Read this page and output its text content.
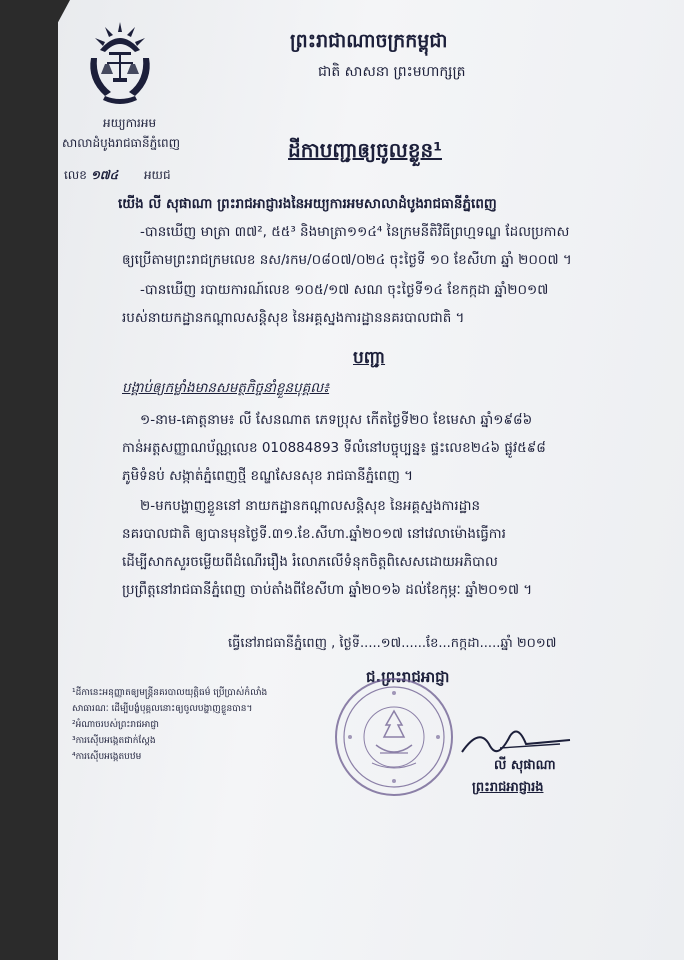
ព្រះរាជាណាចក្រកម្ពុជា
ជាតិ សាសនា ព្រះមហាក្សត្រ
អយ្យការអម
សាលាដំបូងរាជធានីភ្នំពេញ
លេខ ១៧៤ អយជ
ដីកាបញ្ជាឲ្យចូលខ្លួន¹
យើង លី សុផាណា ព្រះរាជអាជ្ញារងនៃអយ្យការអមសាលាដំបូងរាជធានីភ្នំពេញ
-បានឃើញ មាត្រា ៣៧², ៥៥³ និងមាត្រា១១៤⁴ នៃក្រមនីតិវិធីព្រហ្មទណ្ឌ ដែលប្រកាស
ឲ្យប្រើតាមព្រះរាជក្រមលេខ នស/រកម/០៨០៧/០២៤ ចុះថ្ងៃទី ១០ ខែសីហា ឆ្នាំ ២០០៧ ។
-បានឃើញ របាយការណ៍លេខ ១០៥/១៧ សណ ចុះថ្ងៃទី១៤ ខែកក្កដា ឆ្នាំ២០១៧
របស់នាយកដ្ឋានកណ្តាលសន្តិសុខ នៃអគ្គស្នងការដ្ឋាននគរបាលជាតិ ។
បញ្ជា
បង្គាប់ឲ្យកម្លាំងមានសមត្ថកិច្ចនាំខ្លួនបុគ្គល៖
១-នាម-គោត្តនាម៖ លី សែនណាត ភេទប្រុស កើតថ្ងៃទី២០ ខែមេសា ឆ្នាំ១៩៨៦
កាន់អត្តសញ្ញាណប័ណ្ណលេខ 010884893 ទីលំនៅបច្ចុប្បន្ន៖ ផ្ទះលេខ២៤៦ ផ្លូវ៥៩៨
ភូមិទំនប់ សង្កាត់ភ្នំពេញថ្មី ខណ្ឌសែនសុខ រាជធានីភ្នំពេញ ។
២-មកបង្ហាញខ្លួននៅ នាយកដ្ឋានកណ្តាលសន្តិសុខ នៃអគ្គស្នងការដ្ឋាន
នគរបាលជាតិ ឲ្យបានមុនថ្ងៃទី.៣១.ខែ.សីហា.ឆ្នាំ២០១៧ នៅវេលាម៉ោងធ្វើការ
ដើម្បីសាកសួរចម្លើយពីដំណើររឿង រំលោភលើទំនុកចិត្តពិសេសដោយអភិបាល
ប្រព្រឹត្តនៅរាជធានីភ្នំពេញ ចាប់តាំងពីខែសីហា ឆ្នាំ២០១៦ ដល់ខែកុម្ភៈ ឆ្នាំ២០១៧ ។
ធ្វើនៅរាជធានីភ្នំពេញ , ថ្ងៃទី.....១៧......ខែ...កក្កដា.....ឆ្នាំ ២០១៧
ជ.ព្រះរាជអាជ្ញា
លី សុផាណា
ព្រះរាជអាជ្ញារង
¹ដីកានេះអនុញ្ញាតឲ្យមន្រ្តីនគរបាលយុត្តិធម៌ ប្រើប្រាស់កំលាំង
សាធារណៈ ដើម្បីបង្ខំបុគ្គលនោះឲ្យចូលបង្ហាញខ្លួនបាន។
²អំណាចរបស់ព្រះរាជអាជ្ញា
³ការស៊ើបអង្កេតជាក់ស្តែង
⁴ការស៊ើបអង្កេតបឋម
